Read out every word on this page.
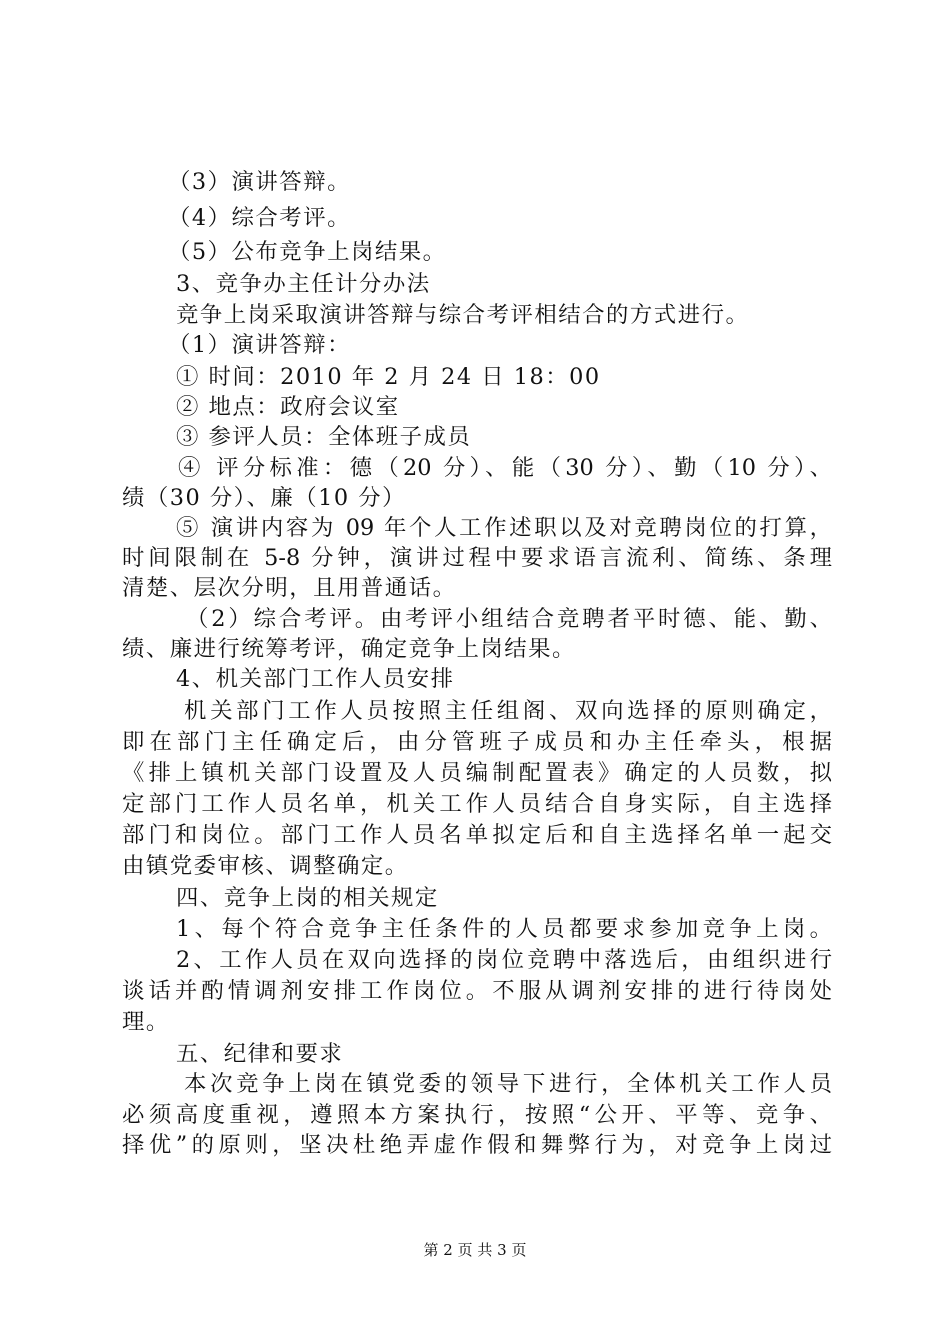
（3）演讲答辩。
（4）综合考评。
（5）公布竞争上岗结果。
3、竞争办主任计分办法
竞争上岗采取演讲答辩与综合考评相结合的方式进行。
（1）演讲答辩：
① 时间：2010 年 2 月 24 日 18：00
② 地点：政府会议室
③ 参评人员：全体班子成员
④ 评分标准：德（20 分）、能（30 分）、勤（10 分）、
绩（30 分）、廉（10 分）
⑤ 演讲内容为 09 年个人工作述职以及对竞聘岗位的打算，
时间限制在 5-8 分钟，演讲过程中要求语言流利、简练、条理
清楚、层次分明，且用普通话。
（2）综合考评。由考评小组结合竞聘者平时德、能、勤、
绩、廉进行统筹考评，确定竞争上岗结果。
4、机关部门工作人员安排
机关部门工作人员按照主任组阁、双向选择的原则确定，
即在部门主任确定后，由分管班子成员和办主任牵头，根据
《排上镇机关部门设置及人员编制配置表》确定的人员数，拟
定部门工作人员名单，机关工作人员结合自身实际，自主选择
部门和岗位。部门工作人员名单拟定后和自主选择名单一起交
由镇党委审核、调整确定。
四、竞争上岗的相关规定
1、每个符合竞争主任条件的人员都要求参加竞争上岗。
2、工作人员在双向选择的岗位竞聘中落选后，由组织进行
谈话并酌情调剂安排工作岗位。不服从调剂安排的进行待岗处
理。
五、纪律和要求
本次竞争上岗在镇党委的领导下进行，全体机关工作人员
必须高度重视，遵照本方案执行，按照“公开、平等、竞争、
择优”的原则，坚决杜绝弄虚作假和舞弊行为，对竞争上岗过
第 2 页 共 3 页
